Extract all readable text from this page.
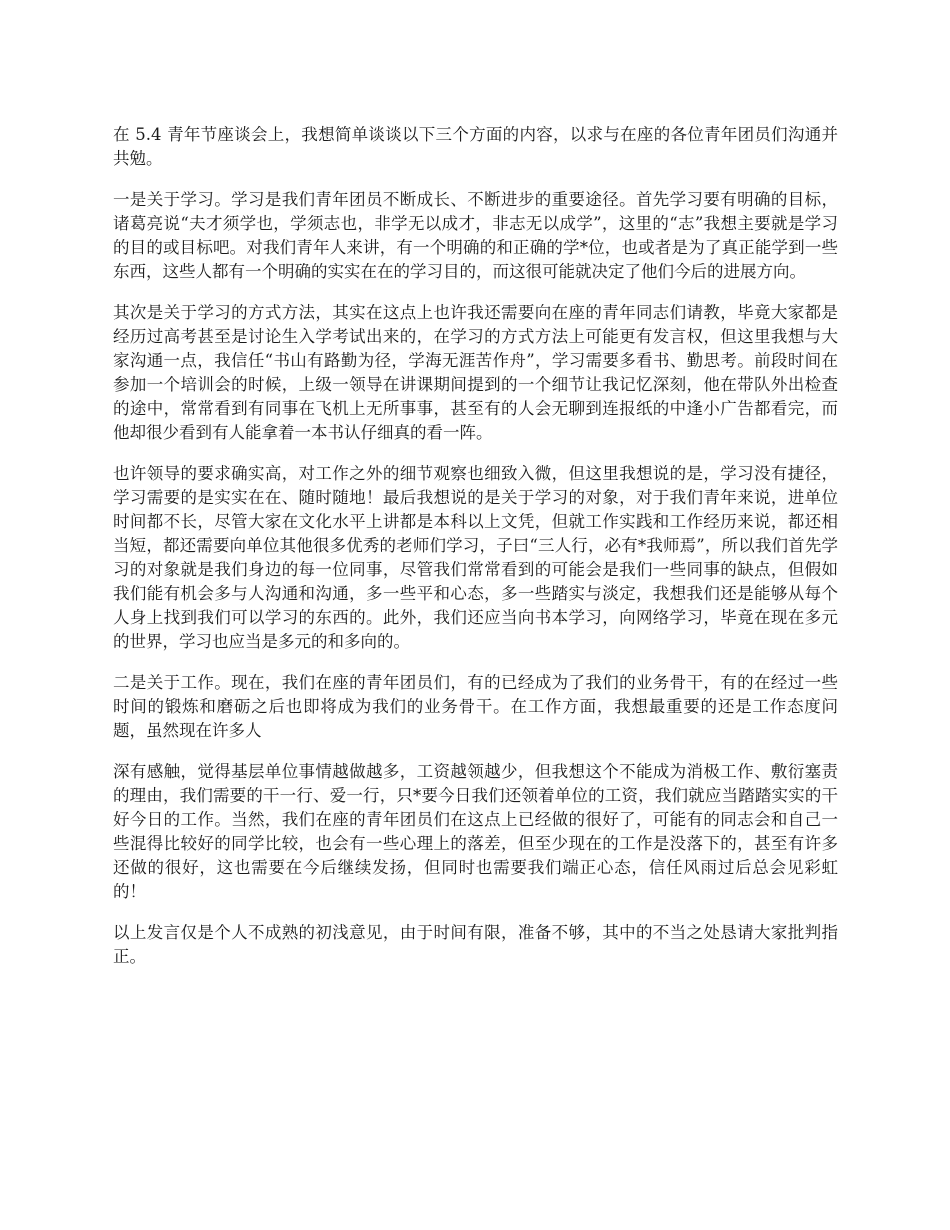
在 5.4 青年节座谈会上，我想简单谈谈以下三个方面的内容，以求与在座的各位青年团员们沟通并共勉。

一是关于学习。学习是我们青年团员不断成长、不断进步的重要途径。首先学习要有明确的目标，诸葛亮说“夫才须学也，学须志也，非学无以成才，非志无以成学”，这里的“志”我想主要就是学习的目的或目标吧。对我们青年人来讲，有一个明确的和正确的学*位，也或者是为了真正能学到一些东西，这些人都有一个明确的实实在在的学习目的，而这很可能就决定了他们今后的进展方向。

其次是关于学习的方式方法，其实在这点上也许我还需要向在座的青年同志们请教，毕竟大家都是经历过高考甚至是讨论生入学考试出来的，在学习的方式方法上可能更有发言权，但这里我想与大家沟通一点，我信任“书山有路勤为径，学海无涯苦作舟”，学习需要多看书、勤思考。前段时间在参加一个培训会的时候，上级一领导在讲课期间提到的一个细节让我记忆深刻，他在带队外出检查的途中，常常看到有同事在飞机上无所事事，甚至有的人会无聊到连报纸的中逢小广告都看完，而他却很少看到有人能拿着一本书认仔细真的看一阵。

也许领导的要求确实高，对工作之外的细节观察也细致入微，但这里我想说的是，学习没有捷径，学习需要的是实实在在、随时随地！最后我想说的是关于学习的对象，对于我们青年来说，进单位时间都不长，尽管大家在文化水平上讲都是本科以上文凭，但就工作实践和工作经历来说，都还相当短，都还需要向单位其他很多优秀的老师们学习，子曰“三人行，必有*我师焉”，所以我们首先学习的对象就是我们身边的每一位同事，尽管我们常常看到的可能会是我们一些同事的缺点，但假如我们能有机会多与人沟通和沟通，多一些平和心态，多一些踏实与淡定，我想我们还是能够从每个人身上找到我们可以学习的东西的。此外，我们还应当向书本学习，向网络学习，毕竟在现在多元的世界，学习也应当是多元的和多向的。

二是关于工作。现在，我们在座的青年团员们，有的已经成为了我们的业务骨干，有的在经过一些时间的锻炼和磨砺之后也即将成为我们的业务骨干。在工作方面，我想最重要的还是工作态度问题，虽然现在许多人

深有感触，觉得基层单位事情越做越多，工资越领越少，但我想这个不能成为消极工作、敷衍塞责的理由，我们需要的干一行、爱一行，只*要今日我们还领着单位的工资，我们就应当踏踏实实的干好今日的工作。当然，我们在座的青年团员们在这点上已经做的很好了，可能有的同志会和自己一些混得比较好的同学比较，也会有一些心理上的落差，但至少现在的工作是没落下的，甚至有许多还做的很好，这也需要在今后继续发扬，但同时也需要我们端正心态，信任风雨过后总会见彩虹的！

以上发言仅是个人不成熟的初浅意见，由于时间有限，准备不够，其中的不当之处恳请大家批判指正。
